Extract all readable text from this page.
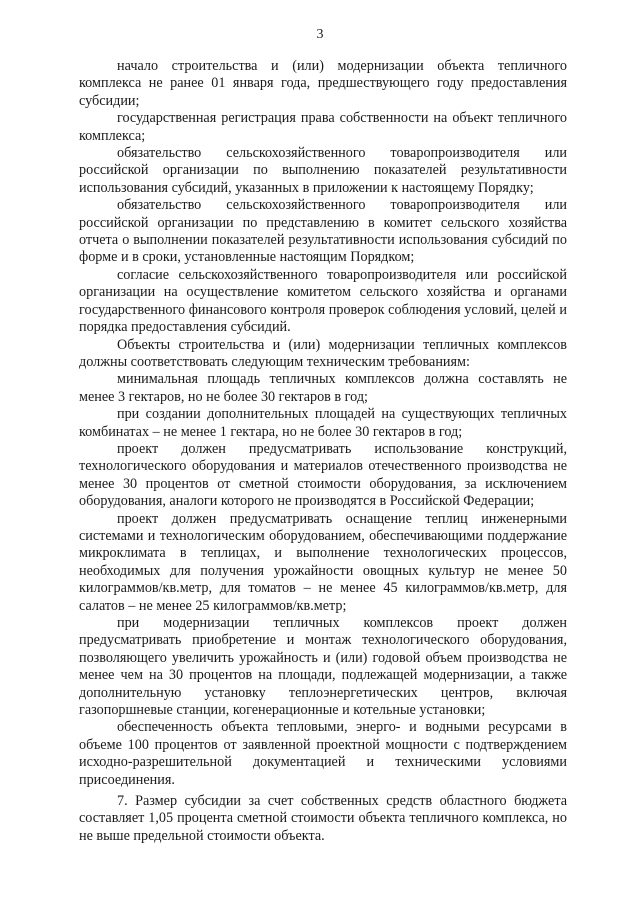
3

начало строительства и (или) модернизации объекта тепличного комплекса не ранее 01 января года, предшествующего году предоставления субсидии;

государственная регистрация права собственности на объект тепличного комплекса;

обязательство сельскохозяйственного товаропроизводителя или российской организации по выполнению показателей результативности использования субсидий, указанных в приложении к настоящему Порядку;

обязательство сельскохозяйственного товаропроизводителя или российской организации по представлению в комитет сельского хозяйства отчета о выполнении показателей результативности использования субсидий по форме и в сроки, установленные настоящим Порядком;

согласие сельскохозяйственного товаропроизводителя или российской организации на осуществление комитетом сельского хозяйства и органами государственного финансового контроля проверок соблюдения условий, целей и порядка предоставления субсидий.

Объекты строительства и (или) модернизации тепличных комплексов должны соответствовать следующим техническим требованиям:

минимальная площадь тепличных комплексов должна составлять не менее 3 гектаров, но не более 30 гектаров в год;

при создании дополнительных площадей на существующих тепличных комбинатах – не менее 1 гектара, но не более 30 гектаров в год;

проект должен предусматривать использование конструкций, технологического оборудования и материалов отечественного производства не менее 30 процентов от сметной стоимости оборудования, за исключением оборудования, аналоги которого не производятся в Российской Федерации;

проект должен предусматривать оснащение теплиц инженерными системами и технологическим оборудованием, обеспечивающими поддержание микроклимата в теплицах, и выполнение технологических процессов, необходимых для получения урожайности овощных культур не менее 50 килограммов/кв.метр, для томатов – не менее 45 килограммов/кв.метр, для салатов – не менее 25 килограммов/кв.метр;

при модернизации тепличных комплексов проект должен предусматривать приобретение и монтаж технологического оборудования, позволяющего увеличить урожайность и (или) годовой объем производства не менее чем на 30 процентов на площади, подлежащей модернизации, а также дополнительную установку теплоэнергетических центров, включая газопоршневые станции, когенерационные и котельные установки;

обеспеченность объекта тепловыми, энерго- и водными ресурсами в объеме 100 процентов от заявленной проектной мощности с подтверждением исходно-разрешительной документацией и техническими условиями присоединения.

7. Размер субсидии за счет собственных средств областного бюджета составляет 1,05 процента сметной стоимости объекта тепличного комплекса, но не выше предельной стоимости объекта.
